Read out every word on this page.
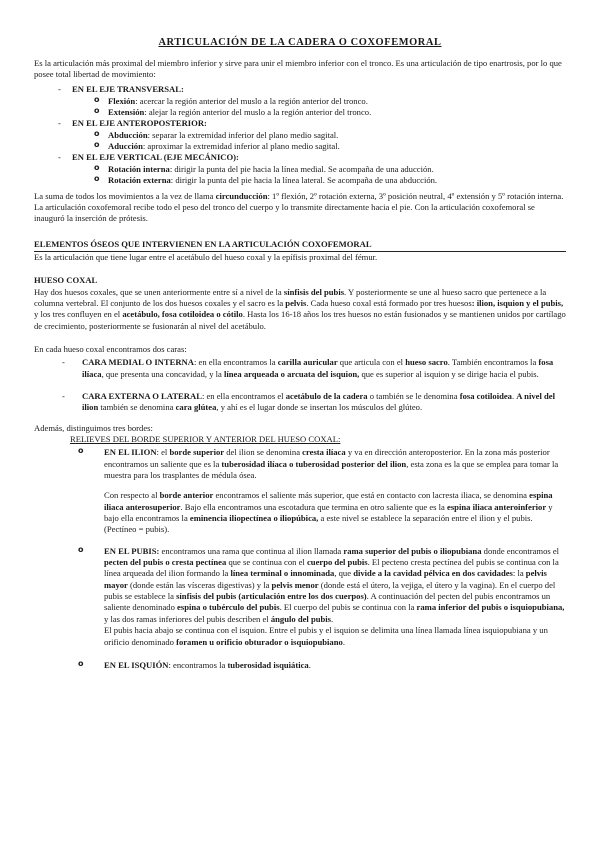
ARTICULACIÓN DE LA CADERA O COXOFEMORAL

Es la articulación más proximal del miembro inferior y sirve para unir el miembro inferior con el tronco. Es una articulación de tipo enartrosis, por lo que posee total libertad de movimiento:

- EN EL EJE TRANSVERSAL:
o Flexión: acercar la región anterior del muslo a la región anterior del tronco.
o Extensión: alejar la región anterior del muslo a la región anterior del tronco.
- EN EL EJE ANTEROPOSTERIOR:
o Abducción: separar la extremidad inferior del plano medio sagital.
o Aducción: aproximar la extremidad inferior al plano medio sagital.
- EN EL EJE VERTICAL (EJE MECÁNICO):
o Rotación interna: dirigir la punta del pie hacia la línea medial. Se acompaña de una aducción.
o Rotación externa: dirigir la punta del pie hacia la línea lateral. Se acompaña de una abducción.

La suma de todos los movimientos a la vez de llama circunducción: 1º flexión, 2º rotación externa, 3º posición neutral, 4º extensión y 5º rotación interna. La articulación coxofemoral recibe todo el peso del tronco del cuerpo y lo transmite directamente hacia el pie. Con la articulación coxofemoral se inauguró la inserción de prótesis.

ELEMENTOS ÓSEOS QUE INTERVIENEN EN LA ARTICULACIÓN COXOFEMORAL

Es la articulación que tiene lugar entre el acetábulo del hueso coxal y la epífisis proximal del fémur.

HUESO COXAL

Hay dos huesos coxales, que se unen anteriormente entre sí a nivel de la sínfisis del pubis. Y posteriormente se une al hueso sacro que pertenece a la columna vertebral. El conjunto de los dos huesos coxales y el sacro es la pelvis. Cada hueso coxal está formado por tres huesos: ilion, isquion y el pubis, y los tres confluyen en el acetábulo, fosa cotiloidea o cótilo. Hasta los 16-18 años los tres huesos no están fusionados y se mantienen unidos por cartílago de crecimiento, posteriormente se fusionarán al nivel del acetábulo.

En cada hueso coxal encontramos dos caras:

- CARA MEDIAL O INTERNA: en ella encontramos la carilla auricular que articula con el hueso sacro. También encontramos la fosa ilíaca, que presenta una concavidad, y la línea arqueada o arcuata del isquion, que es superior al isquion y se dirige hacia el pubis.
- CARA EXTERNA O LATERAL: en ella encontramos el acetábulo de la cadera o también se le denomina fosa cotiloidea. A nivel del ilion también se denomina cara glútea, y ahí es el lugar donde se insertan los músculos del glúteo.

Además, distinguimos tres bordes:

RELIEVES DEL BORDE SUPERIOR Y ANTERIOR DEL HUESO COXAL:

o EN EL ILION: el borde superior del ilion se denomina cresta ilíaca y va en dirección anteroposterior. En la zona más posterior encontramos un saliente que es la tuberosidad ilíaca o tuberosidad posterior del ilion, esta zona es la que se emplea para tomar la muestra para los trasplantes de médula ósea.

Con respecto al borde anterior encontramos el saliente más superior, que está en contacto con lacresta iliaca, se denomina espina iliaca anterosuperior. Bajo ella encontramos una escotadura que termina en otro saliente que es la espina iliaca anteroinferior y bajo ella encontramos la eminencia iliopectínea o iliopúbica, a este nivel se establece la separación entre el ilion y el pubis. (Pectíneo = pubis).

o EN EL PUBIS: encontramos una rama que continua al ilion llamada rama superior del pubis o iliopubiana donde encontramos el pecten del pubis o cresta pectínea que se continua con el cuerpo del pubis. El pecteno cresta pectínea del pubis se continua con la línea arqueada del ilion formando la línea terminal o innominada, que divide a la cavidad pélvica en dos cavidades: la pelvis mayor (donde están las vísceras digestivas) y la pelvis menor (donde está el útero, la vejiga, el útero y la vagina). En el cuerpo del pubis se establece la sínfisis del pubis (articulación entre los dos cuerpos). A continuación del pecten del pubis encontramos un saliente denominado espina o tubérculo del pubis. El cuerpo del pubis se continua con la rama inferior del pubis o isquiopubiana, y las dos ramas inferiores del pubis describen el ángulo del pubis.

El pubis hacia abajo se continua con el isquion. Entre el pubis y el isquion se delimita una línea llamada línea isquiopubiana y un orificio denominado foramen u orificio obturador o isquiopubiano.

o EN EL ISQUIÓN: encontramos la tuberosidad isquiática.
